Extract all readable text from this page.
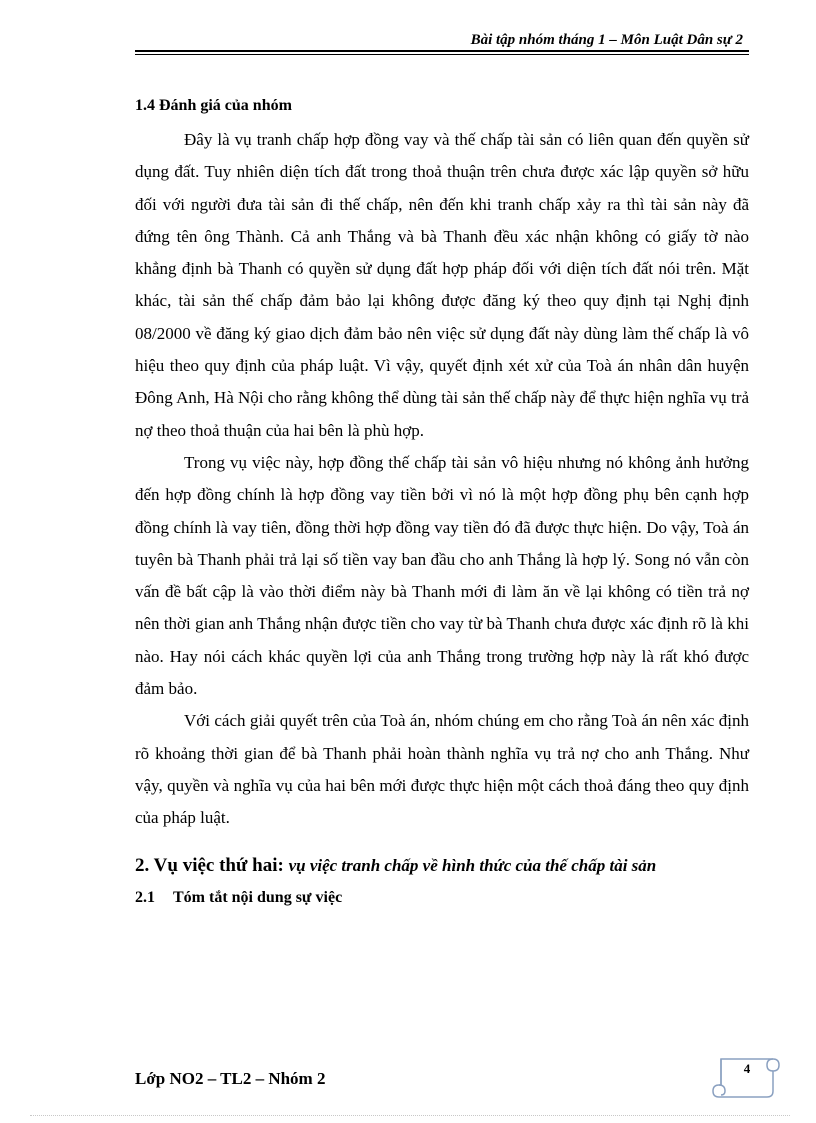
Bài tập nhóm tháng 1 – Môn Luật Dân sự 2
1.4 Đánh giá của nhóm

Đây là vụ tranh chấp hợp đồng vay và thế chấp tài sản có liên quan đến quyền sử dụng đất. Tuy nhiên diện tích đất trong thoả thuận trên chưa được xác lập quyền sở hữu đối với người đưa tài sản đi thế chấp, nên đến khi tranh chấp xảy ra thì tài sản này đã đứng tên ông Thành. Cả anh Thắng và bà Thanh đều xác nhận không có giấy tờ nào khẳng định bà Thanh có quyền sử dụng đất hợp pháp đối với diện tích đất nói trên. Mặt khác, tài sản thế chấp đảm bảo lại không được đăng ký theo quy định tại Nghị định 08/2000 về đăng ký giao dịch đảm bảo nên việc sử dụng đất này dùng làm thế chấp là vô hiệu theo quy định của pháp luật. Vì vậy, quyết định xét xử của Toà án nhân dân huyện Đông Anh, Hà Nội cho rằng không thể dùng tài sản thế chấp này để thực hiện nghĩa vụ trả nợ theo thoả thuận của hai bên là phù hợp.

Trong vụ việc này, hợp đồng thế chấp tài sản vô hiệu nhưng nó không ảnh hưởng đến hợp đồng chính là hợp đồng vay tiền bởi vì nó là một hợp đồng phụ bên cạnh hợp đồng chính là vay tiên, đồng thời hợp đồng vay tiền đó đã được thực hiện. Do vậy, Toà án tuyên bà Thanh phải trả lại số tiền vay ban đầu cho anh Thắng là hợp lý. Song nó vẫn còn vấn đề bất cập là vào thời điểm này bà Thanh mới đi làm ăn về lại không có tiền trả nợ nên thời gian anh Thắng nhận được tiền cho vay từ bà Thanh chưa được xác định rõ là khi nào. Hay nói cách khác quyền lợi của anh Thắng trong trường hợp này là rất khó được đảm bảo.

Với cách giải quyết trên của Toà án, nhóm chúng em cho rằng Toà án nên xác định rõ khoảng thời gian để bà Thanh phải hoàn thành nghĩa vụ trả nợ cho anh Thắng. Như vậy, quyền và nghĩa vụ của hai bên mới được thực hiện một cách thoả đáng theo quy định của pháp luật.

2. Vụ việc thứ hai: vụ việc tranh chấp về hình thức của thế chấp tài sản
2.1 Tóm tắt nội dung sự việc
Lớp NO2 – TL2 – Nhóm 2
4
